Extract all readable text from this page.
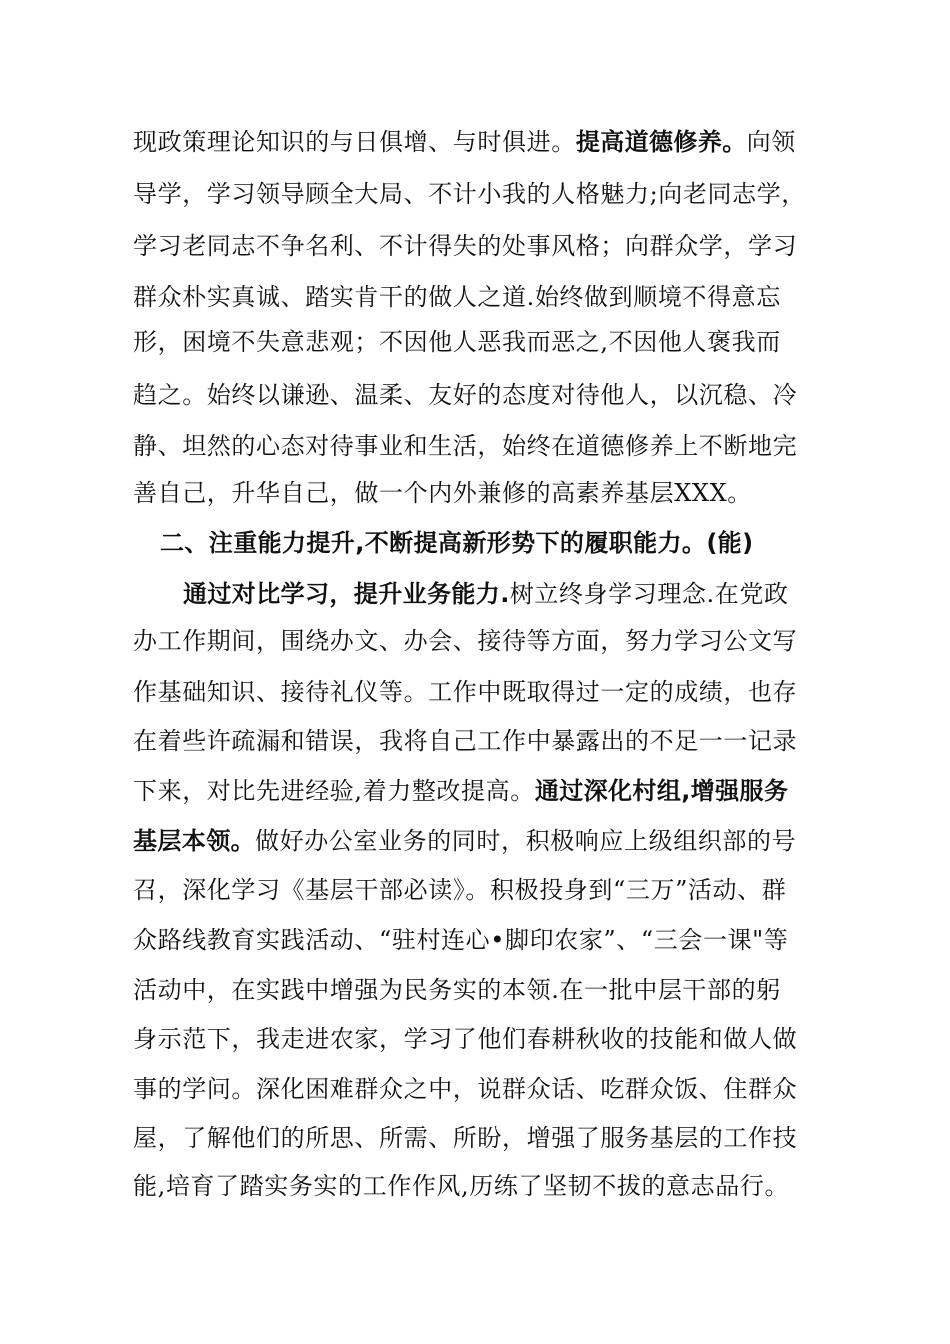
现政策理论知识的与日俱增、与时俱进。提高道德修养。向领
导学，学习领导顾全大局、不计小我的人格魅力;向老同志学，
学习老同志不争名利、不计得失的处事风格；向群众学，学习
群众朴实真诚、踏实肯干的做人之道.始终做到顺境不得意忘
形，困境不失意悲观；不因他人恶我而恶之,不因他人褒我而
趋之。始终以谦逊、温柔、友好的态度对待他人，以沉稳、冷
静、坦然的心态对待事业和生活，始终在道德修养上不断地完
善自己，升华自己，做一个内外兼修的高素养基层XXX。
二、注重能力提升,不断提高新形势下的履职能力。(能)
通过对比学习，提升业务能力.树立终身学习理念.在党政
办工作期间，围绕办文、办会、接待等方面，努力学习公文写
作基础知识、接待礼仪等。工作中既取得过一定的成绩，也存
在着些许疏漏和错误，我将自己工作中暴露出的不足一一记录
下来，对比先进经验,着力整改提高。通过深化村组,增强服务
基层本领。做好办公室业务的同时，积极响应上级组织部的号
召，深化学习《基层干部必读》。积极投身到“三万”活动、群
众路线教育实践活动、“驻村连心•脚印农家”、“三会一课"等
活动中，在实践中增强为民务实的本领.在一批中层干部的躬
身示范下，我走进农家，学习了他们春耕秋收的技能和做人做
事的学问。深化困难群众之中，说群众话、吃群众饭、住群众
屋，了解他们的所思、所需、所盼，增强了服务基层的工作技
能,培育了踏实务实的工作作风,历练了坚韧不拔的意志品行。
